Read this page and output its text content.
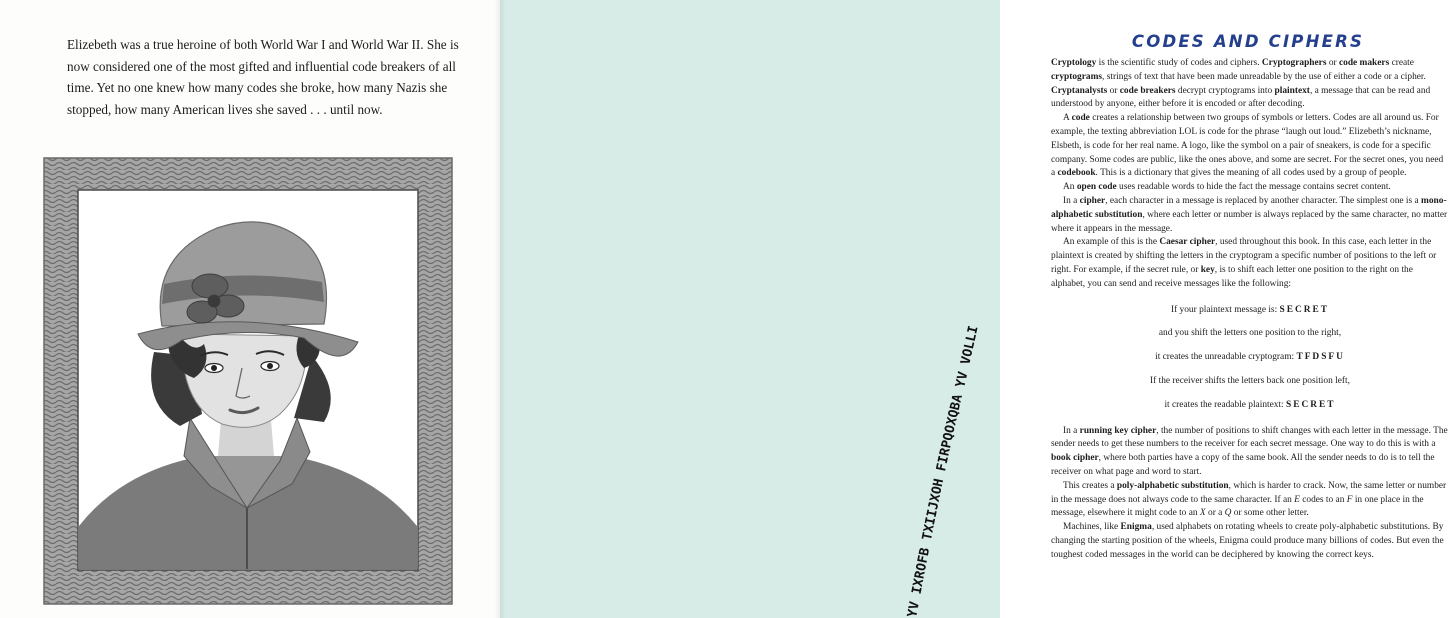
Elizebeth was a true heroine of both World War I and World War II. She is
now considered one of the most gifted and influential code breakers of all
time. Yet no one knew how many codes she broke, how many Nazis she
stopped, how many American lives she saved . . . until now.
CODES AND CIPHERS

Cryptology is the scientific study of codes and ciphers. Cryptographers or code makers create cryptograms, strings of text that have been made unreadable by the use of either a code or a cipher. Cryptanalysts or code breakers decrypt cryptograms into plaintext, a message that can be read and understood by anyone, either before it is encoded or after decoding.

A code creates a relationship between two groups of symbols or letters. Codes are all around us. For example, the texting abbreviation LOL is code for the phrase “laugh out loud.” Elizebeth’s nickname, Elsbeth, is code for her real name. A logo, like the symbol on a pair of sneakers, is code for a specific company. Some codes are public, like the ones above, and some are secret. For the secret ones, you need a codebook. This is a dictionary that gives the meaning of all codes used by a group of people.

An open code uses readable words to hide the fact the message contains secret content.

In a cipher, each character in a message is replaced by another character. The simplest one is a mono-alphabetic substitution, where each letter or number is always replaced by the same character, no matter where it appears in the message.

An example of this is the Caesar cipher, used throughout this book. In this case, each letter in the plaintext is created by shifting the letters in the cryptogram a specific number of positions to the left or right. For example, if the secret rule, or key, is to shift each letter one position to the right on the alphabet, you can send and receive messages like the following:

If your plaintext message is: SECRET

and you shift the letters one position to the right,

it creates the unreadable cryptogram: TFDSFU

If the receiver shifts the letters back one position left,

it creates the readable plaintext: SECRET

In a running key cipher, the number of positions to shift changes with each letter in the message. The sender needs to get these numbers to the receiver for each secret message. One way to do this is with a book cipher, where both parties have a copy of the same book. All the sender needs to do is to tell the receiver on what page and word to start.

This creates a poly-alphabetic substitution, which is harder to crack. Now, the same letter or number in the message does not always code to the same character. If an E codes to an F in one place in the message, elsewhere it might code to an X or a Q or some other letter.

Machines, like Enigma, used alphabets on rotating wheels to create poly-alphabetic substitutions. By changing the starting position of the wheels, Enigma could produce many billions of codes. But even the toughest coded messages in the world can be deciphered by knowing the correct keys.

YV IXROFB TXIIJXOH FIRPQOXQBA YV VOLLI
